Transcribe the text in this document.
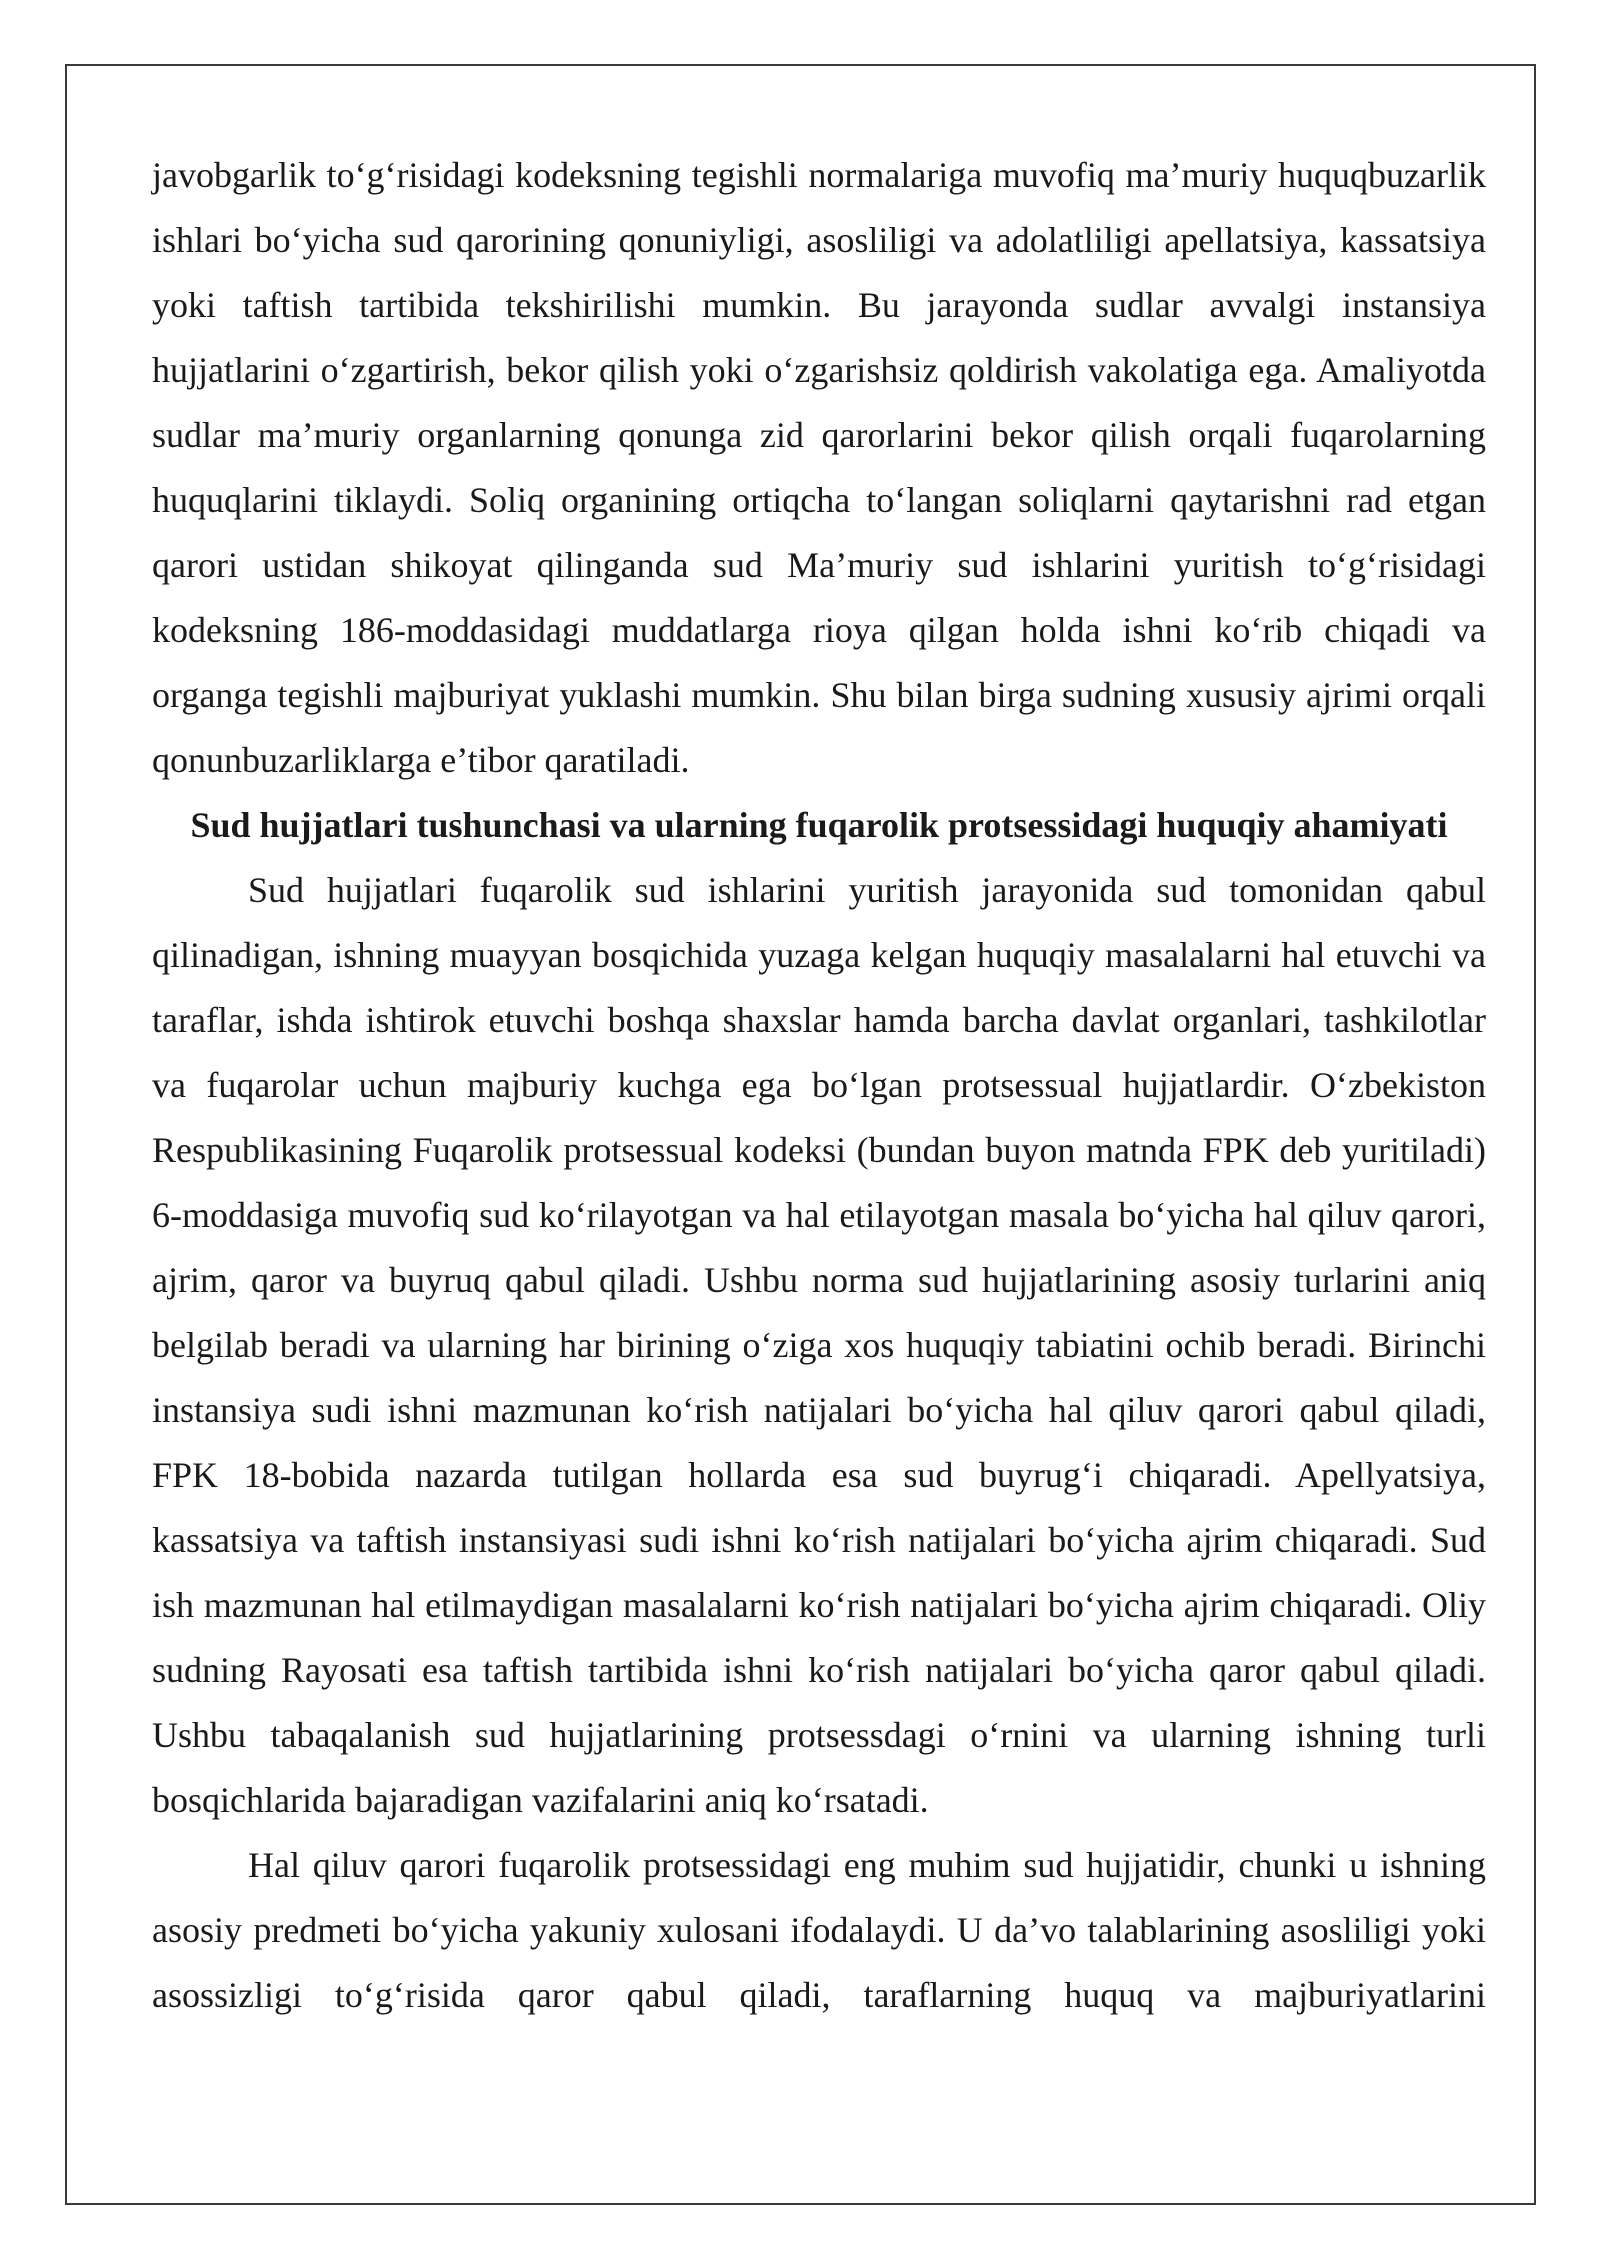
javobgarlik to‘g‘risidagi kodeksning tegishli normalariga muvofiq ma’muriy huquqbuzarlik ishlari bo‘yicha sud qarorining qonuniyligi, asosliligi va adolatliligi apellatsiya, kassatsiya yoki taftish tartibida tekshirilishi mumkin. Bu jarayonda sudlar avvalgi instansiya hujjatlarini o‘zgartirish, bekor qilish yoki o‘zgarishsiz qoldirish vakolatiga ega. Amaliyotda sudlar ma’muriy organlarning qonunga zid qarorlarini bekor qilish orqali fuqarolarning huquqlarini tiklaydi. Soliq organining ortiqcha to‘langan soliqlarni qaytarishni rad etgan qarori ustidan shikoyat qilinganda sud Ma’muriy sud ishlarini yuritish to‘g‘risidagi kodeksning 186-moddasidagi muddatlarga rioya qilgan holda ishni ko‘rib chiqadi va organga tegishli majburiyat yuklashi mumkin. Shu bilan birga sudning xususiy ajrimi orqali qonunbuzarliklarga e’tibor qaratiladi.

Sud hujjatlari tushunchasi va ularning fuqarolik protsessidagi huquqiy ahamiyati

Sud hujjatlari fuqarolik sud ishlarini yuritish jarayonida sud tomonidan qabul qilinadigan, ishning muayyan bosqichida yuzaga kelgan huquqiy masalalarni hal etuvchi va taraflar, ishda ishtirok etuvchi boshqa shaxslar hamda barcha davlat organlari, tashkilotlar va fuqarolar uchun majburiy kuchga ega bo‘lgan protsessual hujjatlardir. O‘zbekiston Respublikasining Fuqarolik protsessual kodeksi (bundan buyon matnda FPK deb yuritiladi) 6-moddasiga muvofiq sud ko‘rilayotgan va hal etilayotgan masala bo‘yicha hal qiluv qarori, ajrim, qaror va buyruq qabul qiladi. Ushbu norma sud hujjatlarining asosiy turlarini aniq belgilab beradi va ularning har birining o‘ziga xos huquqiy tabiatini ochib beradi. Birinchi instansiya sudi ishni mazmunan ko‘rish natijalari bo‘yicha hal qiluv qarori qabul qiladi, FPK 18-bobida nazarda tutilgan hollarda esa sud buyrug‘i chiqaradi. Apellyatsiya, kassatsiya va taftish instansiyasi sudi ishni ko‘rish natijalari bo‘yicha ajrim chiqaradi. Sud ish mazmunan hal etilmaydigan masalalarni ko‘rish natijalari bo‘yicha ajrim chiqaradi. Oliy sudning Rayosati esa taftish tartibida ishni ko‘rish natijalari bo‘yicha qaror qabul qiladi. Ushbu tabaqalanish sud hujjatlarining protsessdagi o‘rnini va ularning ishning turli bosqichlarida bajaradigan vazifalarini aniq ko‘rsatadi.

Hal qiluv qarori fuqarolik protsessidagi eng muhim sud hujjatidir, chunki u ishning asosiy predmeti bo‘yicha yakuniy xulosani ifodalaydi. U da’vo talablarining asosliligi yoki asossizligi to‘g‘risida qaror qabul qiladi, taraflarning huquq va majburiyatlarini
